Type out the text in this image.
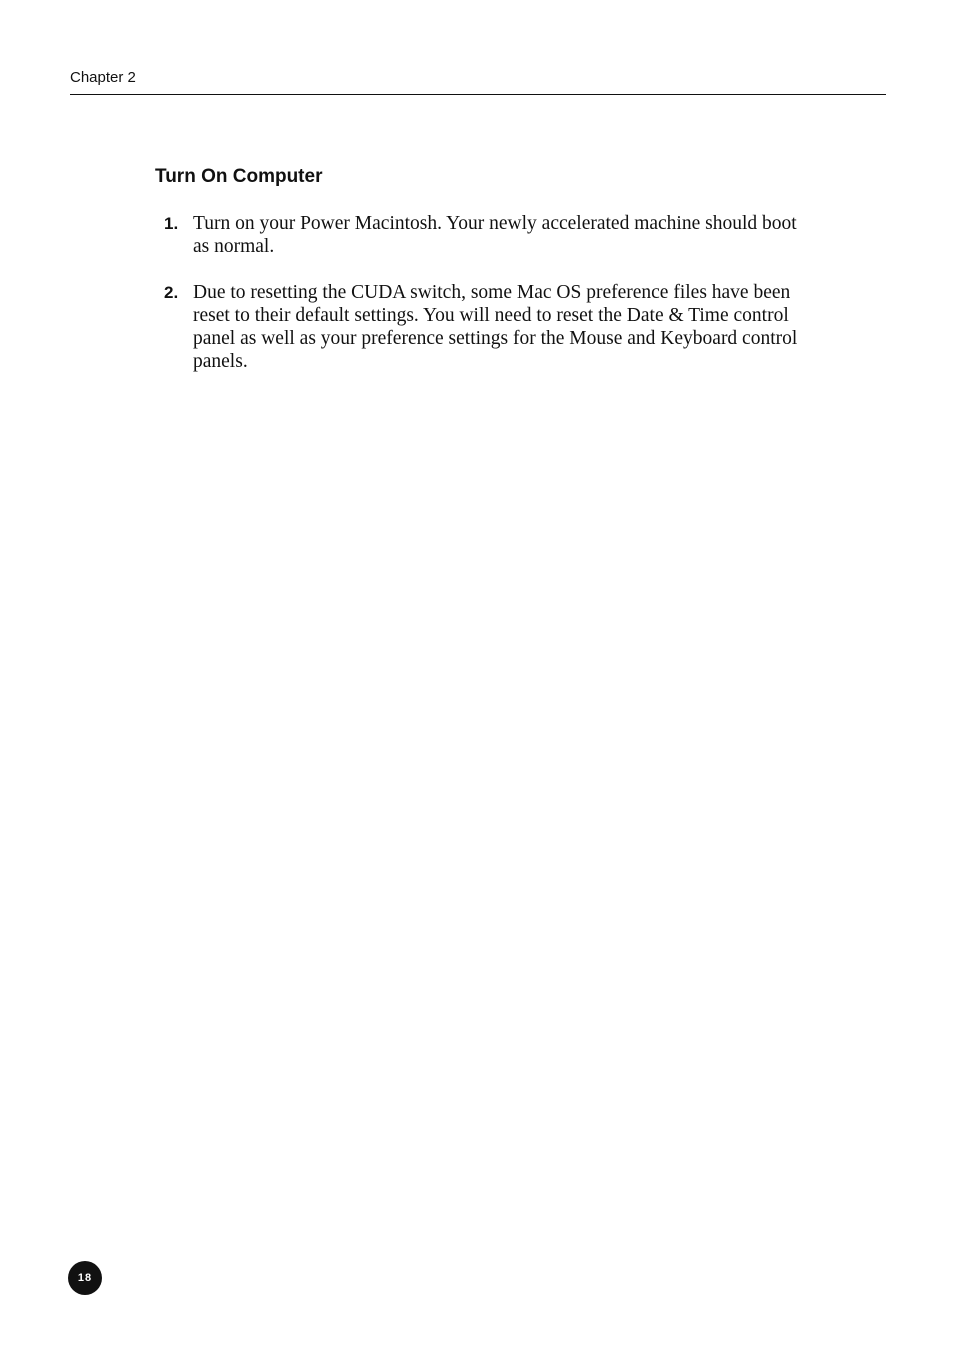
Chapter 2
Turn On Computer
1. Turn on your Power Macintosh. Your newly accelerated machine should boot as normal.
2. Due to resetting the CUDA switch, some Mac OS preference files have been reset to their default settings. You will need to reset the Date & Time control panel as well as your preference settings for the Mouse and Keyboard control panels.
18
